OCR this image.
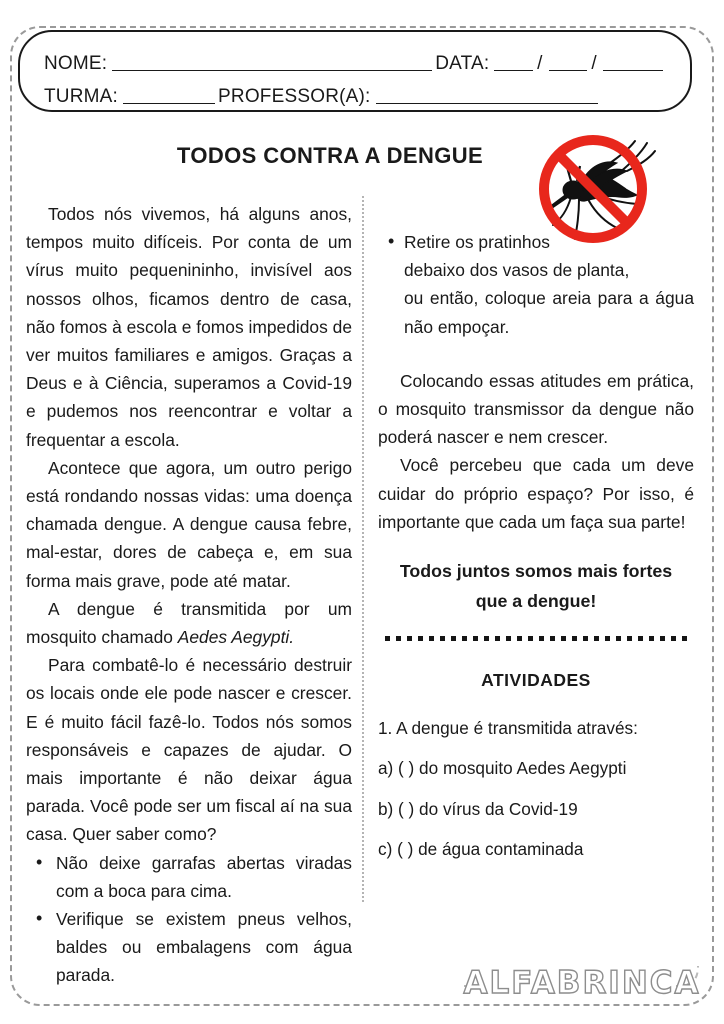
NOME:	DATA:	/	/
TURMA:	PROFESSOR(A):
TODOS CONTRA A DENGUE

Todos nós vivemos, há alguns anos, tempos muito difíceis. Por conta de um vírus muito pequenininho, invisível aos nossos olhos, ficamos dentro de casa, não fomos à escola e fomos impedidos de ver muitos familiares e amigos. Graças a Deus e à Ciência, superamos a Covid-19 e pudemos nos reencontrar e voltar a frequentar a escola.

Acontece que agora, um outro perigo está rondando nossas vidas: uma doença chamada dengue. A dengue causa febre, mal-estar, dores de cabeça e, em sua forma mais grave, pode até matar.

A dengue é transmitida por um mosquito chamado Aedes Aegypti.

Para combatê-lo é necessário destruir os locais onde ele pode nascer e crescer. E é muito fácil fazê-lo. Todos nós somos responsáveis e capazes de ajudar. O mais importante é não deixar água parada. Você pode ser um fiscal aí na sua casa. Quer saber como?

• Não deixe garrafas abertas viradas com a boca para cima.
• Verifique se existem pneus velhos, baldes ou embalagens com água parada.
• Retire os pratinhos
debaixo dos vasos de planta,
ou então, coloque areia para a água não empoçar.

Colocando essas atitudes em prática, o mosquito transmissor da dengue não poderá nascer e nem crescer.

Você percebeu que cada um deve cuidar do próprio espaço? Por isso, é importante que cada um faça sua parte!

Todos juntos somos mais fortes que a dengue!

ATIVIDADES

1. A dengue é transmitida através:

a) ( ) do mosquito Aedes Aegypti

b) ( ) do vírus da Covid-19

c) ( ) de água contaminada

ALFABRINCA
